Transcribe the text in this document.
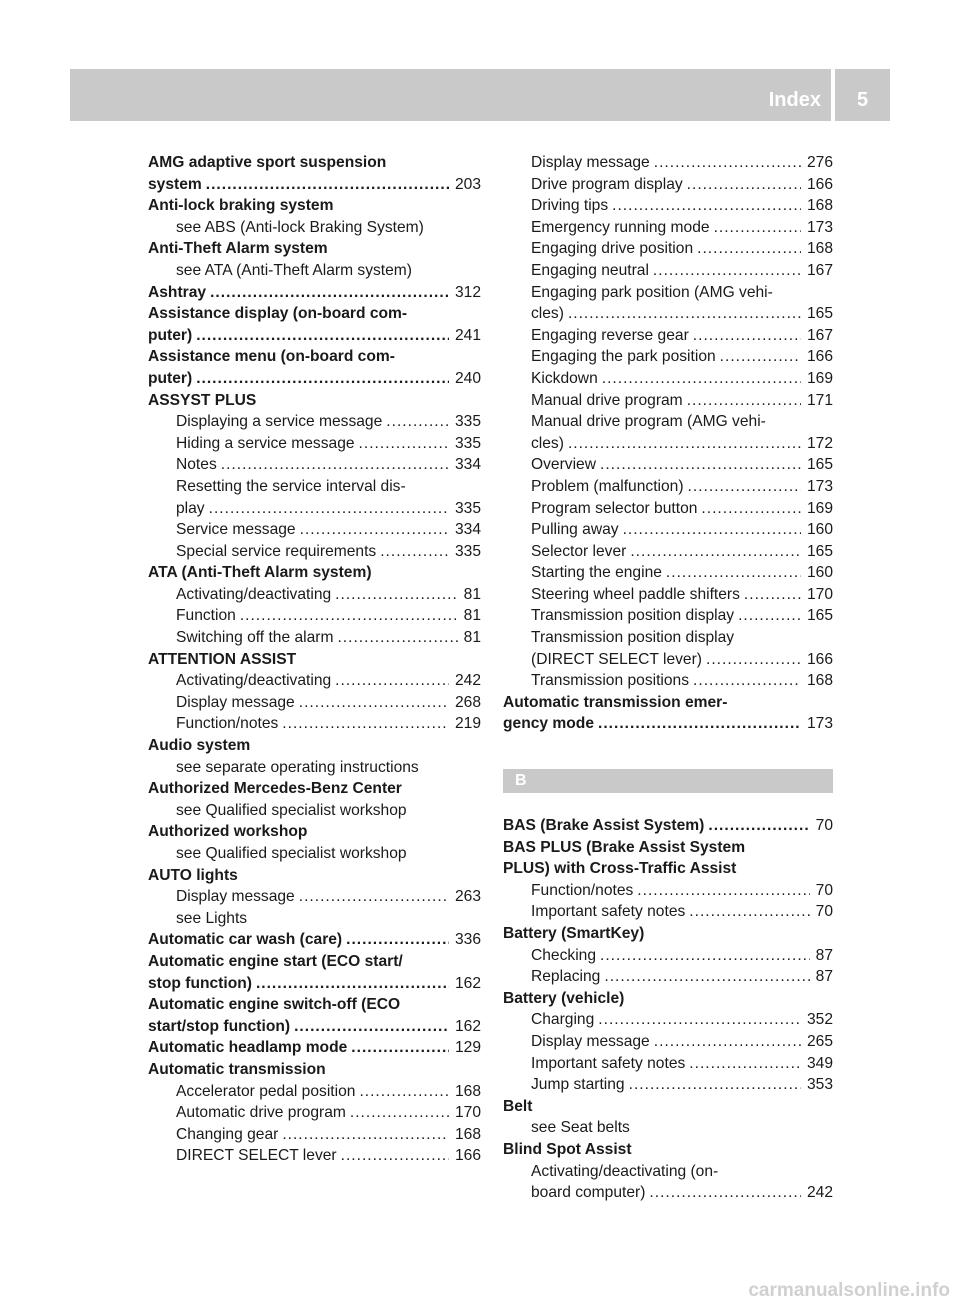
Index	5
AMG adaptive sport suspension
system .....	203
Anti-lock braking system
see ABS (Anti-lock Braking System)
Anti-Theft Alarm system
see ATA (Anti-Theft Alarm system)
Ashtray .....	312
Assistance display (on-board com-
puter) .....	241
Assistance menu (on-board com-
puter) .....	240
ASSYST PLUS
Displaying a service message .....	335
Hiding a service message .....	335
Notes .....	334
Resetting the service interval dis-
play .....	335
Service message .....	334
Special service requirements .....	335
ATA (Anti-Theft Alarm system)
Activating/deactivating .....	81
Function .....	81
Switching off the alarm .....	81
ATTENTION ASSIST
Activating/deactivating .....	242
Display message .....	268
Function/notes .....	219
Audio system
see separate operating instructions
Authorized Mercedes-Benz Center
see Qualified specialist workshop
Authorized workshop
see Qualified specialist workshop
AUTO lights
Display message .....	263
see Lights
Automatic car wash (care) .....	336
Automatic engine start (ECO start/
stop function) .....	162
Automatic engine switch-off (ECO
start/stop function) .....	162
Automatic headlamp mode .....	129
Automatic transmission
Accelerator pedal position .....	168
Automatic drive program .....	170
Changing gear .....	168
DIRECT SELECT lever .....	166
Display message .....	276
Drive program display .....	166
Driving tips .....	168
Emergency running mode .....	173
Engaging drive position .....	168
Engaging neutral .....	167
Engaging park position (AMG vehi-
cles) .....	165
Engaging reverse gear .....	167
Engaging the park position .....	166
Kickdown .....	169
Manual drive program .....	171
Manual drive program (AMG vehi-
cles) .....	172
Overview .....	165
Problem (malfunction) .....	173
Program selector button .....	169
Pulling away .....	160
Selector lever .....	165
Starting the engine .....	160
Steering wheel paddle shifters .....	170
Transmission position display .....	165
Transmission position display
(DIRECT SELECT lever) .....	166
Transmission positions .....	168
Automatic transmission emer-
gency mode .....	173
B
BAS (Brake Assist System) .....	70
BAS PLUS (Brake Assist System
PLUS) with Cross-Traffic Assist
Function/notes .....	70
Important safety notes .....	70
Battery (SmartKey)
Checking .....	87
Replacing .....	87
Battery (vehicle)
Charging .....	352
Display message .....	265
Important safety notes .....	349
Jump starting .....	353
Belt
see Seat belts
Blind Spot Assist
Activating/deactivating (on-
board computer) .....	242
carmanualsonline.info
